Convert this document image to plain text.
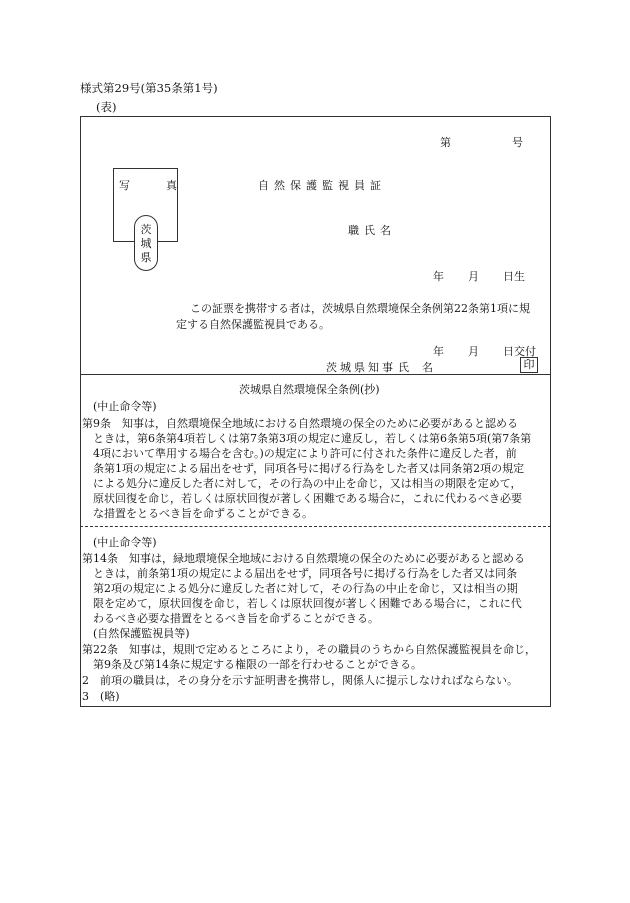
様式第29号(第35条第1号)
(表)
第	号
写	真
茨
城
県
自然保護監視員証
職氏名
年 月 日生
この証票を携帯する者は，茨城県自然環境保全条例第22条第1項に規
定する自然保護監視員である。
年 月 日交付
茨城県知事 氏 名	印
茨城県自然環境保全条例(抄)
(中止命令等)
第9条　知事は，自然環境保全地域における自然環境の保全のために必要があると認める
ときは，第6条第4項若しくは第7条第3項の規定に違反し，若しくは第6条第5項(第7条第
4項において準用する場合を含む。)の規定により許可に付された条件に違反した者，前
条第1項の規定による届出をせず，同項各号に掲げる行為をした者又は同条第2項の規定
による処分に違反した者に対して，その行為の中止を命じ，又は相当の期限を定めて，
原状回復を命じ，若しくは原状回復が著しく困難である場合に，これに代わるべき必要
な措置をとるべき旨を命ずることができる。
(中止命令等)
第14条　知事は，緑地環境保全地域における自然環境の保全のために必要があると認める
ときは，前条第1項の規定による届出をせず，同項各号に掲げる行為をした者又は同条
第2項の規定による処分に違反した者に対して，その行為の中止を命じ，又は相当の期
限を定めて，原状回復を命じ，若しくは原状回復が著しく困難である場合に，これに代
わるべき必要な措置をとるべき旨を命ずることができる。
(自然保護監視員等)
第22条　知事は，規則で定めるところにより，その職員のうちから自然保護監視員を命じ，
第9条及び第14条に規定する権限の一部を行わせることができる。
2　前項の職員は，その身分を示す証明書を携帯し，関係人に提示しなければならない。
3　(略)
